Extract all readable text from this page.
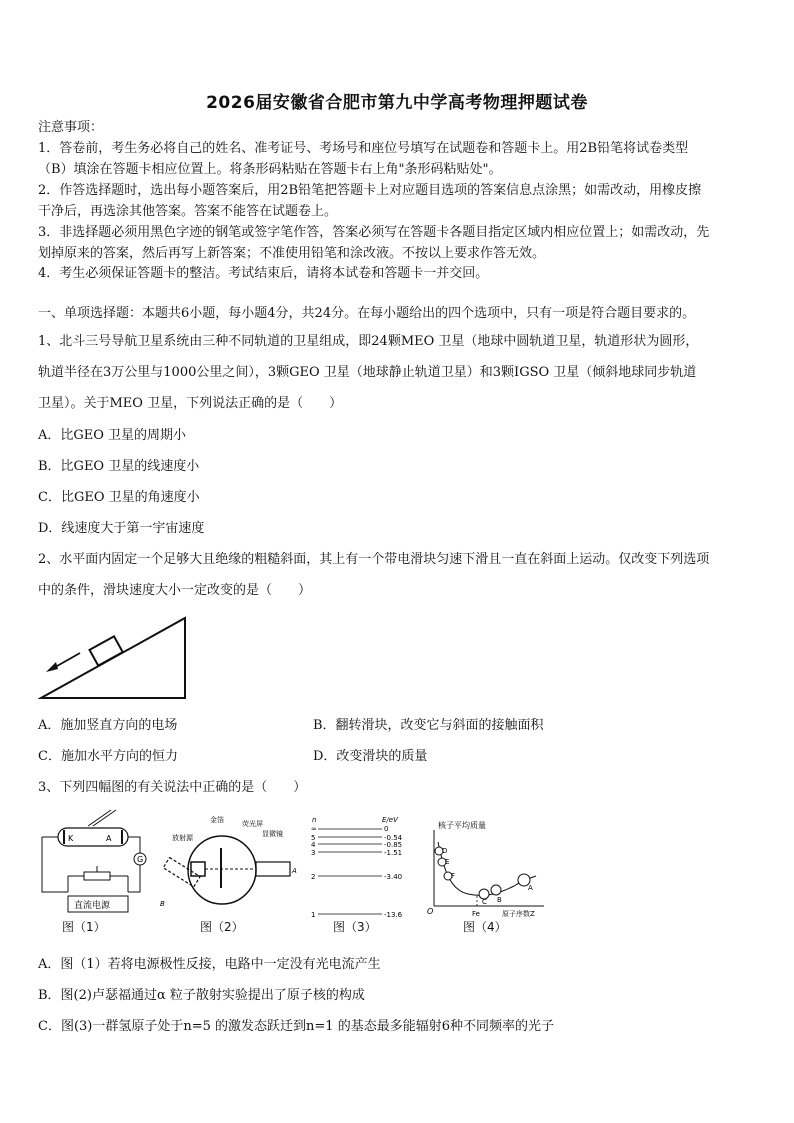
2026届安徽省合肥市第九中学高考物理押题试卷
注意事项：
1．答卷前，考生务必将自己的姓名、准考证号、考场号和座位号填写在试题卷和答题卡上。用2B铅笔将试卷类型
（B）填涂在答题卡相应位置上。将条形码粘贴在答题卡右上角"条形码粘贴处"。
2．作答选择题时，选出每小题答案后，用2B铅笔把答题卡上对应题目选项的答案信息点涂黑；如需改动，用橡皮擦
干净后，再选涂其他答案。答案不能答在试题卷上。
3．非选择题必须用黑色字迹的钢笔或签字笔作答，答案必须写在答题卡各题目指定区域内相应位置上；如需改动，先
划掉原来的答案，然后再写上新答案；不准使用铅笔和涂改液。不按以上要求作答无效。
4．考生必须保证答题卡的整洁。考试结束后，请将本试卷和答题卡一并交回。
一、单项选择题：本题共6小题，每小题4分，共24分。在每小题给出的四个选项中，只有一项是符合题目要求的。
1、北斗三号导航卫星系统由三种不同轨道的卫星组成，即24颗MEO 卫星（地球中圆轨道卫星，轨道形状为圆形，
轨道半径在3万公里与1000公里之间），3颗GEO 卫星（地球静止轨道卫星）和3颗IGSO 卫星（倾斜地球同步轨道
卫星）。关于MEO 卫星，下列说法正确的是（　　）
A．比GEO 卫星的周期小
B．比GEO 卫星的线速度小
C．比GEO 卫星的角速度小
D．线速度大于第一宇宙速度
2、水平面内固定一个足够大且绝缘的粗糙斜面，其上有一个带电滑块匀速下滑且一直在斜面上运动。仅改变下列选项
中的条件，滑块速度大小一定改变的是（　　）
A．施加竖直方向的电场	B．翻转滑块，改变它与斜面的接触面积
C．施加水平方向的恒力	D．改变滑块的质量
3、下列四幅图的有关说法中正确的是（　　）
K	A
G
直流电源
放射源
金箔	荧光屏
显微镜
A
B
n	E/eV
∞	0
5	-0.54
4	-0.85
3	-1.51
2	-3.40
1	-13.6
核子平均质量
O	Fe	原子序数Z
D
E
F
C B
A
图（1）	图（2）	图（3）	图（4）
A．图（1）若将电源极性反接，电路中一定没有光电流产生
B．图(2)卢瑟福通过α 粒子散射实验提出了原子核的构成
C．图(3)一群氢原子处于n=5 的激发态跃迁到n=1 的基态最多能辐射6种不同频率的光子
